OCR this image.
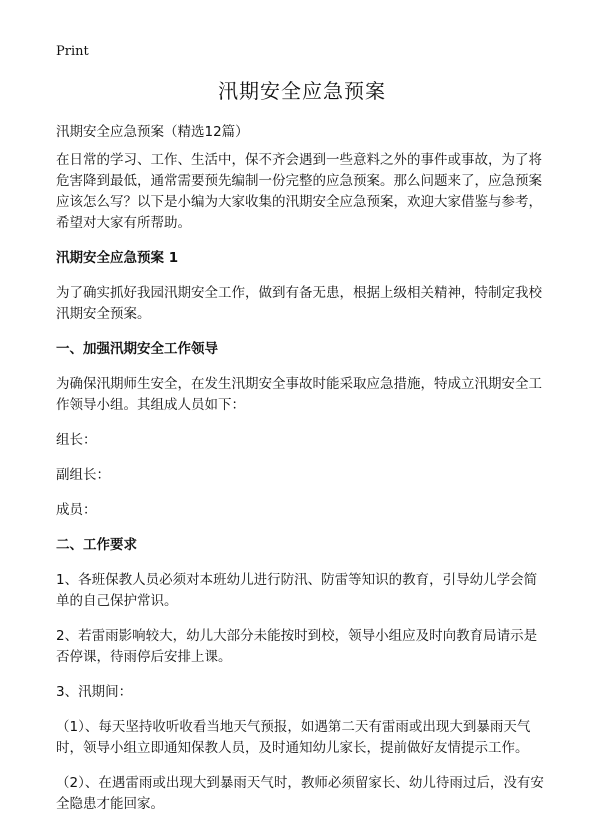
Print
汛期安全应急预案

汛期安全应急预案（精选12篇）

在日常的学习、工作、生活中，保不齐会遇到一些意料之外的事件或事故，为了将危害降到最低，通常需要预先编制一份完整的应急预案。那么问题来了，应急预案应该怎么写？以下是小编为大家收集的汛期安全应急预案，欢迎大家借鉴与参考，希望对大家有所帮助。

汛期安全应急预案 1

为了确实抓好我园汛期安全工作，做到有备无患，根据上级相关精神，特制定我校汛期安全预案。

一、加强汛期安全工作领导

为确保汛期师生安全，在发生汛期安全事故时能采取应急措施，特成立汛期安全工作领导小组。其组成人员如下：

组长：

副组长：

成员：

二、工作要求

1、各班保教人员必须对本班幼儿进行防汛、防雷等知识的教育，引导幼儿学会简单的自己保护常识。

2、若雷雨影响较大，幼儿大部分未能按时到校，领导小组应及时向教育局请示是否停课，待雨停后安排上课。

3、汛期间：

（1）、每天坚持收听收看当地天气预报，如遇第二天有雷雨或出现大到暴雨天气时，领导小组立即通知保教人员，及时通知幼儿家长，提前做好友情提示工作。

（2）、在遇雷雨或出现大到暴雨天气时，教师必须留家长、幼儿待雨过后，没有安全隐患才能回家。
